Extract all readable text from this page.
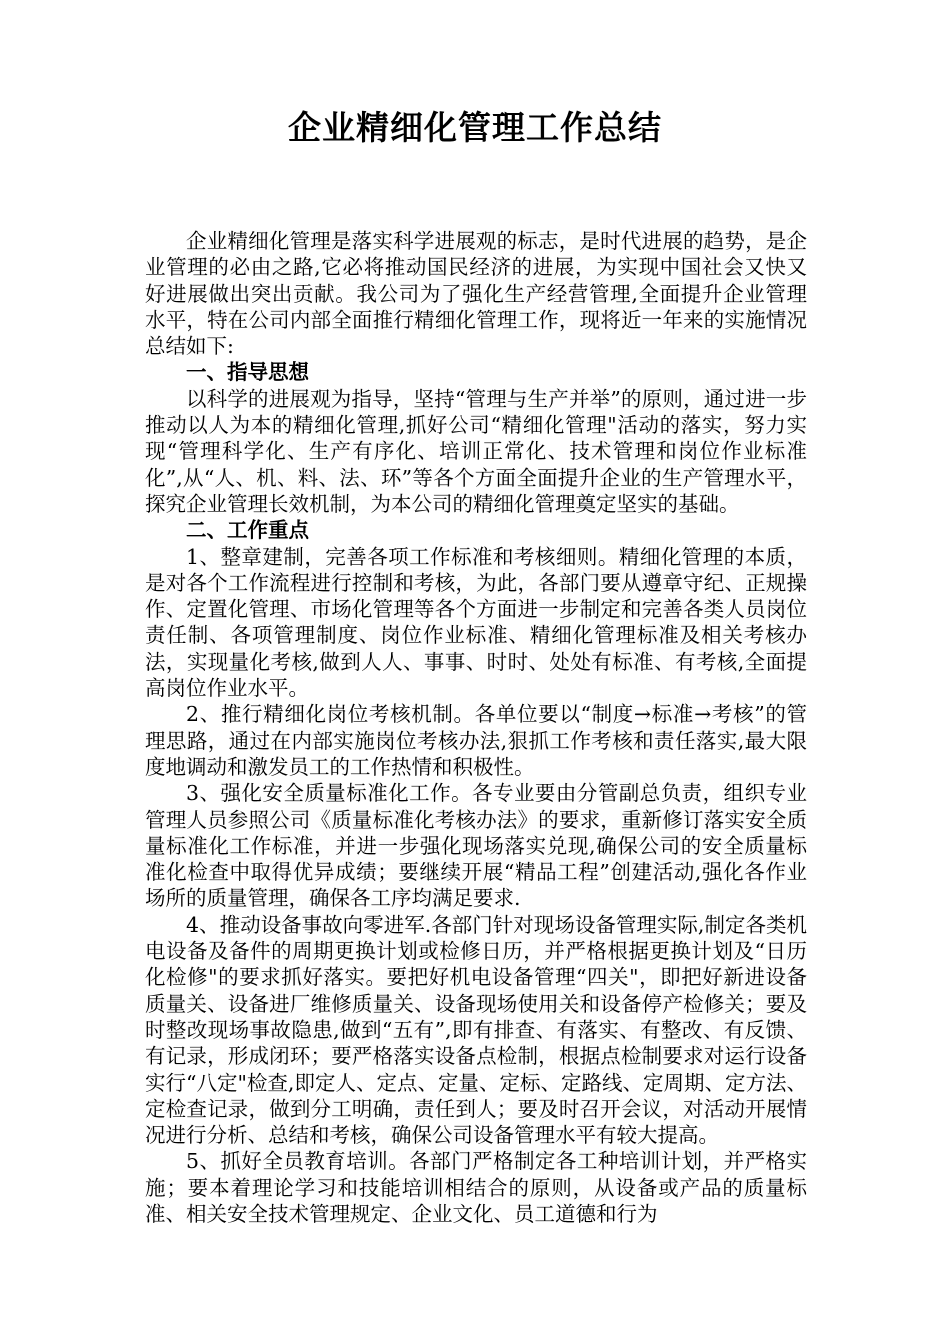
企业精细化管理工作总结

企业精细化管理是落实科学进展观的标志，是时代进展的趋势，是企业管理的必由之路,它必将推动国民经济的进展，为实现中国社会又快又好进展做出突出贡献。我公司为了强化生产经营管理,全面提升企业管理水平，特在公司内部全面推行精细化管理工作，现将近一年来的实施情况总结如下:

一、指导思想

以科学的进展观为指导，坚持“管理与生产并举”的原则，通过进一步推动以人为本的精细化管理,抓好公司“精细化管理"活动的落实，努力实现“管理科学化、生产有序化、培训正常化、技术管理和岗位作业标准化”,从“人、机、料、法、环”等各个方面全面提升企业的生产管理水平，探究企业管理长效机制，为本公司的精细化管理奠定坚实的基础。

二、工作重点

1、整章建制，完善各项工作标准和考核细则。精细化管理的本质，是对各个工作流程进行控制和考核，为此，各部门要从遵章守纪、正规操作、定置化管理、市场化管理等各个方面进一步制定和完善各类人员岗位责任制、各项管理制度、岗位作业标准、精细化管理标准及相关考核办法，实现量化考核,做到人人、事事、时时、处处有标准、有考核,全面提高岗位作业水平。

2、推行精细化岗位考核机制。各单位要以“制度→标准→考核”的管理思路，通过在内部实施岗位考核办法,狠抓工作考核和责任落实,最大限度地调动和激发员工的工作热情和积极性。

3、强化安全质量标准化工作。各专业要由分管副总负责，组织专业管理人员参照公司《质量标准化考核办法》的要求，重新修订落实安全质量标准化工作标准，并进一步强化现场落实兑现,确保公司的安全质量标准化检查中取得优异成绩；要继续开展“精品工程”创建活动,强化各作业场所的质量管理，确保各工序均满足要求.

4、推动设备事故向零进军.各部门针对现场设备管理实际,制定各类机电设备及备件的周期更换计划或检修日历，并严格根据更换计划及“日历化检修"的要求抓好落实。要把好机电设备管理“四关"，即把好新进设备质量关、设备进厂维修质量关、设备现场使用关和设备停产检修关；要及时整改现场事故隐患,做到“五有”,即有排查、有落实、有整改、有反馈、有记录，形成闭环；要严格落实设备点检制，根据点检制要求对运行设备实行“八定"检查,即定人、定点、定量、定标、定路线、定周期、定方法、定检查记录，做到分工明确，责任到人；要及时召开会议，对活动开展情况进行分析、总结和考核，确保公司设备管理水平有较大提高。

5、抓好全员教育培训。各部门严格制定各工种培训计划，并严格实施；要本着理论学习和技能培训相结合的原则，从设备或产品的质量标准、相关安全技术管理规定、企业文化、员工道德和行为
